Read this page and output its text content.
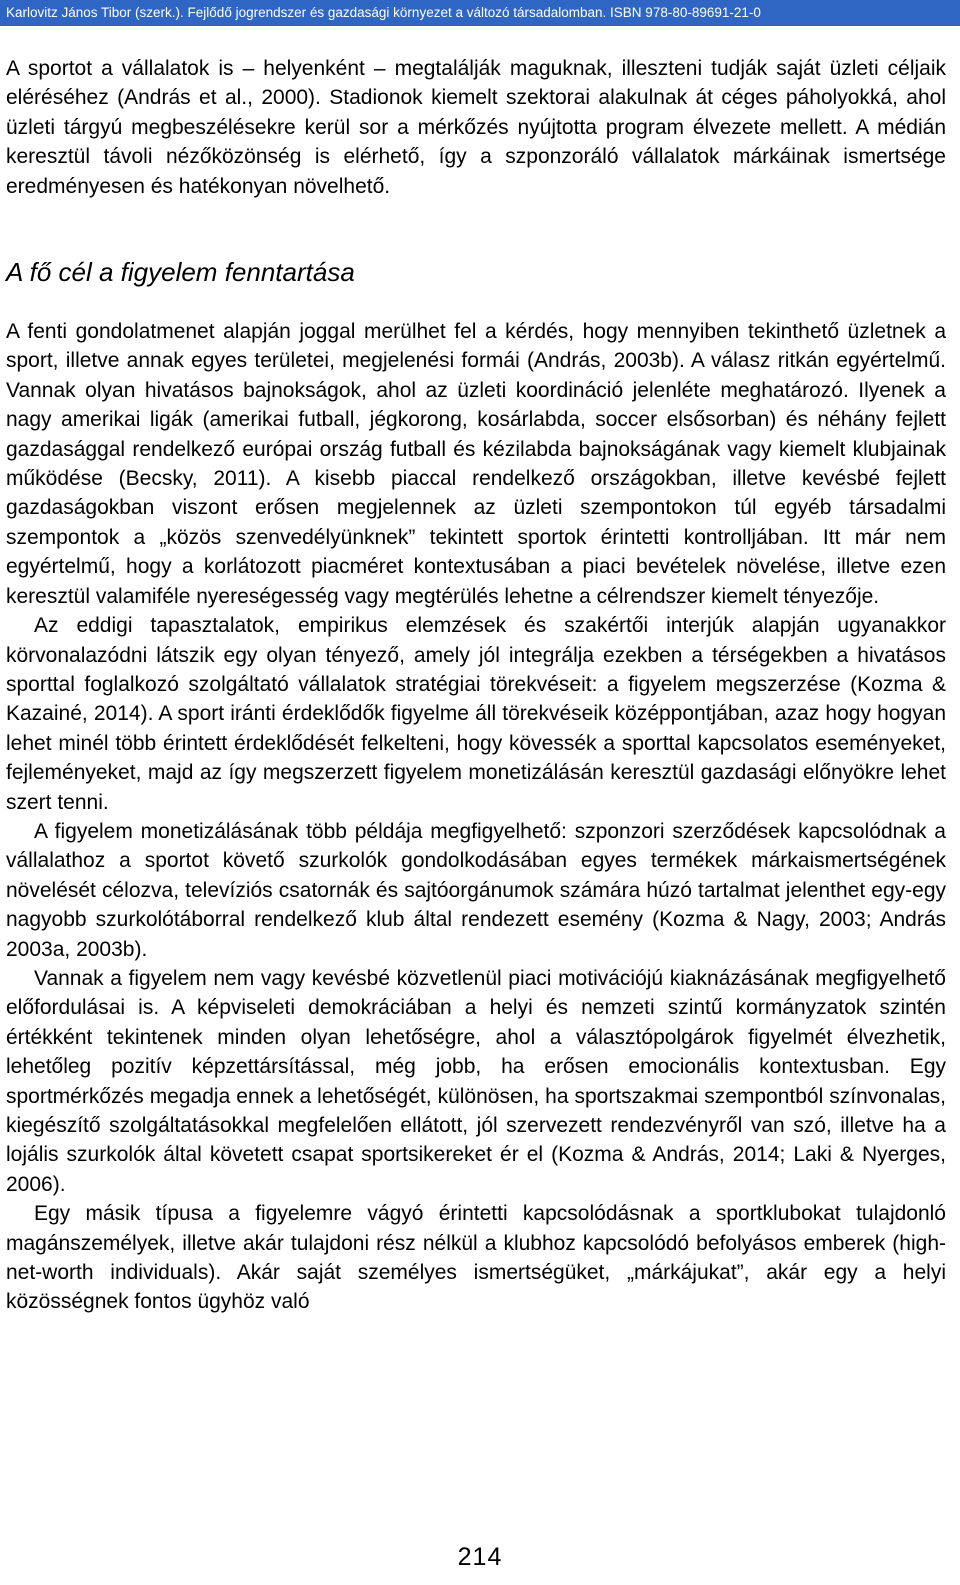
Karlovitz János Tibor (szerk.). Fejlődő jogrendszer és gazdasági környezet a változó társadalomban. ISBN 978-80-89691-21-0

A sportot a vállalatok is – helyenként – megtalálják maguknak, illeszteni tudják saját üzleti céljaik eléréséhez (András et al., 2000). Stadionok kiemelt szektorai alakulnak át céges páholyokká, ahol üzleti tárgyú megbeszélésekre kerül sor a mérkőzés nyújtotta program élvezete mellett. A médián keresztül távoli nézőközönség is elérhető, így a szponzoráló vállalatok márkáinak ismertsége eredményesen és hatékonyan növelhető.

A fő cél a figyelem fenntartása

A fenti gondolatmenet alapján joggal merülhet fel a kérdés, hogy mennyiben tekinthető üzletnek a sport, illetve annak egyes területei, megjelenési formái (András, 2003b). A válasz ritkán egyértelmű. Vannak olyan hivatásos bajnokságok, ahol az üzleti koordináció jelenléte meghatározó. Ilyenek a nagy amerikai ligák (amerikai futball, jégkorong, kosárlabda, soccer elsősorban) és néhány fejlett gazdasággal rendelkező európai ország futball és kézilabda bajnokságának vagy kiemelt klubjainak működése (Becsky, 2011). A kisebb piaccal rendelkező országokban, illetve kevésbé fejlett gazdaságokban viszont erősen megjelennek az üzleti szempontokon túl egyéb társadalmi szempontok a „közös szenvedélyünknek” tekintett sportok érintetti kontrolljában. Itt már nem egyértelmű, hogy a korlátozott piacméret kontextusában a piaci bevételek növelése, illetve ezen keresztül valamiféle nyereségesség vagy megtérülés lehetne a célrendszer kiemelt tényezője.

Az eddigi tapasztalatok, empirikus elemzések és szakértői interjúk alapján ugyanakkor körvonalazódni látszik egy olyan tényező, amely jól integrálja ezekben a térségekben a hivatásos sporttal foglalkozó szolgáltató vállalatok stratégiai törekvéseit: a figyelem megszerzése (Kozma & Kazainé, 2014). A sport iránti érdeklődők figyelme áll törekvéseik középpontjában, azaz hogy hogyan lehet minél több érintett érdeklődését felkelteni, hogy kövessék a sporttal kapcsolatos eseményeket, fejleményeket, majd az így megszerzett figyelem monetizálásán keresztül gazdasági előnyökre lehet szert tenni.

A figyelem monetizálásának több példája megfigyelhető: szponzori szerződések kapcsolódnak a vállalathoz a sportot követő szurkolók gondolkodásában egyes termékek márkaismertségének növelését célozva, televíziós csatornák és sajtóorgánumok számára húzó tartalmat jelenthet egy-egy nagyobb szurkolótáborral rendelkező klub által rendezett esemény (Kozma & Nagy, 2003; András 2003a, 2003b).

Vannak a figyelem nem vagy kevésbé közvetlenül piaci motivációjú kiaknázásának megfigyelhető előfordulásai is. A képviseleti demokráciában a helyi és nemzeti szintű kormányzatok szintén értékként tekintenek minden olyan lehetőségre, ahol a választópolgárok figyelmét élvezhetik, lehetőleg pozitív képzettársítással, még jobb, ha erősen emocionális kontextusban. Egy sportmérkőzés megadja ennek a lehetőségét, különösen, ha sportszakmai szempontból színvonalas, kiegészítő szolgáltatásokkal megfelelően ellátott, jól szervezett rendezvényről van szó, illetve ha a lojális szurkolók által követett csapat sportsikereket ér el (Kozma & András, 2014; Laki & Nyerges, 2006).

Egy másik típusa a figyelemre vágyó érintetti kapcsolódásnak a sportklubokat tulajdonló magánszemélyek, illetve akár tulajdoni rész nélkül a klubhoz kapcsolódó befolyásos emberek (high-net-worth individuals). Akár saját személyes ismertségüket, „márkájukat”, akár egy a helyi közösségnek fontos ügyhöz való

214
